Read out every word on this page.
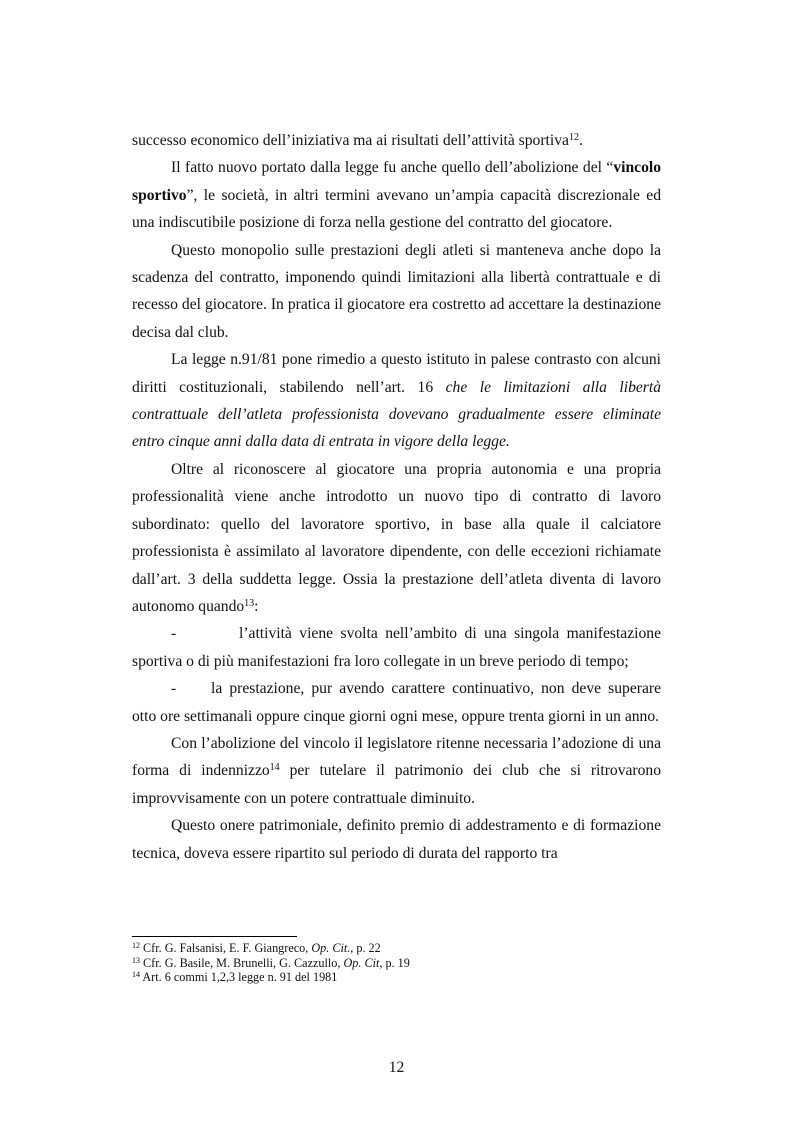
successo economico dell’iniziativa ma ai risultati dell’attività sportiva$^{12}$.

Il fatto nuovo portato dalla legge fu anche quello dell’abolizione del “vincolo sportivo”, le società, in altri termini avevano un’ampia capacità discrezionale ed una indiscutibile posizione di forza nella gestione del contratto del giocatore.

Questo monopolio sulle prestazioni degli atleti si manteneva anche dopo la scadenza del contratto, imponendo quindi limitazioni alla libertà contrattuale e di recesso del giocatore. In pratica il giocatore era costretto ad accettare la destinazione decisa dal club.

La legge n.91/81 pone rimedio a questo istituto in palese contrasto con alcuni diritti costituzionali, stabilendo nell’art. 16 che le limitazioni alla libertà contrattuale dell’atleta professionista dovevano gradualmente essere eliminate entro cinque anni dalla data di entrata in vigore della legge.

Oltre al riconoscere al giocatore una propria autonomia e una propria professionalità viene anche introdotto un nuovo tipo di contratto di lavoro subordinato: quello del lavoratore sportivo, in base alla quale il calciatore professionista è assimilato al lavoratore dipendente, con delle eccezioni richiamate dall’art. 3 della suddetta legge. Ossia la prestazione dell’atleta diventa di lavoro autonomo quando$^{13}$:

-	l’attività viene svolta nell’ambito di una singola manifestazione sportiva o di più manifestazioni fra loro collegate in un breve periodo di tempo;

- la prestazione, pur avendo carattere continuativo, non deve superare otto ore settimanali oppure cinque giorni ogni mese, oppure trenta giorni in un anno.

Con l’abolizione del vincolo il legislatore ritenne necessaria l’adozione di una forma di indennizzo$^{14}$ per tutelare il patrimonio dei club che si ritrovarono improvvisamente con un potere contrattuale diminuito.

Questo onere patrimoniale, definito premio di addestramento e di formazione tecnica, doveva essere ripartito sul periodo di durata del rapporto tra

$^{12}$ Cfr. G. Falsanisi, E. F. Giangreco, Op. Cit., p. 22

$^{13}$ Cfr. G. Basile, M. Brunelli, G. Cazzullo, Op. Cit, p. 19

$^{14}$ Art. 6 commi 1,2,3 legge n. 91 del 1981

12
